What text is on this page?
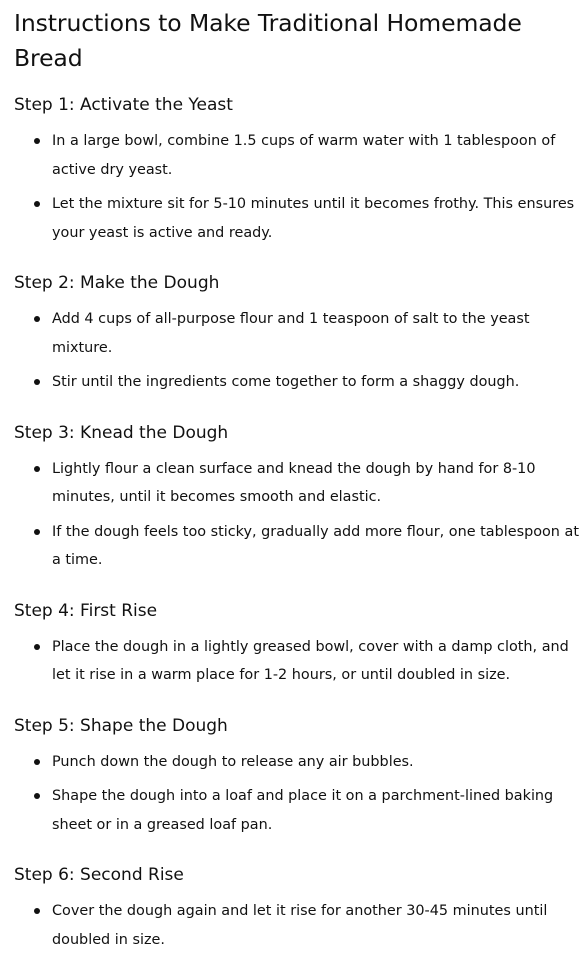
Instructions to Make Traditional Homemade Bread
Step 1: Activate the Yeast
In a large bowl, combine 1.5 cups of warm water with 1 tablespoon of active dry yeast.
Let the mixture sit for 5-10 minutes until it becomes frothy. This ensures your yeast is active and ready.
Step 2: Make the Dough
Add 4 cups of all-purpose flour and 1 teaspoon of salt to the yeast mixture.
Stir until the ingredients come together to form a shaggy dough.
Step 3: Knead the Dough
Lightly flour a clean surface and knead the dough by hand for 8-10 minutes, until it becomes smooth and elastic.
If the dough feels too sticky, gradually add more flour, one tablespoon at a time.
Step 4: First Rise
Place the dough in a lightly greased bowl, cover with a damp cloth, and let it rise in a warm place for 1-2 hours, or until doubled in size.
Step 5: Shape the Dough
Punch down the dough to release any air bubbles.
Shape the dough into a loaf and place it on a parchment-lined baking sheet or in a greased loaf pan.
Step 6: Second Rise
Cover the dough again and let it rise for another 30-45 minutes until doubled in size.
